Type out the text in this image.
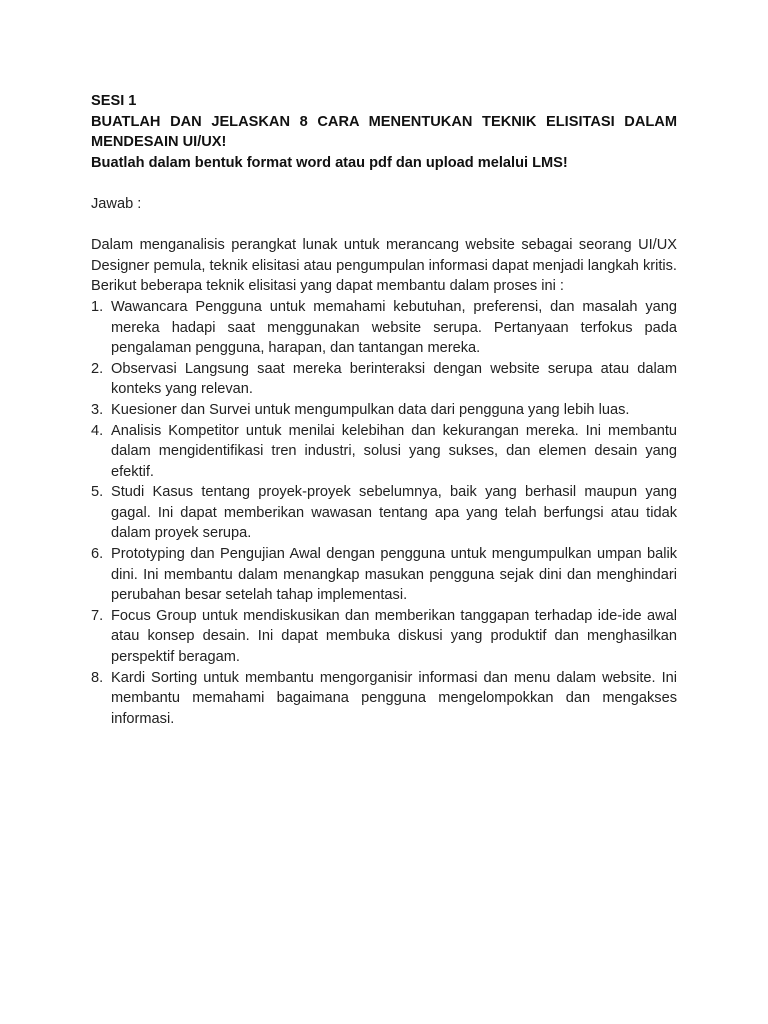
SESI 1
BUATLAH DAN JELASKAN 8 CARA MENENTUKAN TEKNIK ELISITASI DALAM MENDESAIN UI/UX!
Buatlah dalam bentuk format word atau pdf dan upload melalui LMS!
Jawab :
Dalam menganalisis perangkat lunak untuk merancang website sebagai seorang UI/UX Designer pemula, teknik elisitasi atau pengumpulan informasi dapat menjadi langkah kritis. Berikut beberapa teknik elisitasi yang dapat membantu dalam proses ini :
1. Wawancara Pengguna untuk memahami kebutuhan, preferensi, dan masalah yang mereka hadapi saat menggunakan website serupa. Pertanyaan terfokus pada pengalaman pengguna, harapan, dan tantangan mereka.
2. Observasi Langsung saat mereka berinteraksi dengan website serupa atau dalam konteks yang relevan.
3. Kuesioner dan Survei untuk mengumpulkan data dari pengguna yang lebih luas.
4. Analisis Kompetitor untuk menilai kelebihan dan kekurangan mereka. Ini membantu dalam mengidentifikasi tren industri, solusi yang sukses, dan elemen desain yang efektif.
5. Studi Kasus tentang proyek-proyek sebelumnya, baik yang berhasil maupun yang gagal. Ini dapat memberikan wawasan tentang apa yang telah berfungsi atau tidak dalam proyek serupa.
6. Prototyping dan Pengujian Awal dengan pengguna untuk mengumpulkan umpan balik dini. Ini membantu dalam menangkap masukan pengguna sejak dini dan menghindari perubahan besar setelah tahap implementasi.
7. Focus Group untuk mendiskusikan dan memberikan tanggapan terhadap ide-ide awal atau konsep desain. Ini dapat membuka diskusi yang produktif dan menghasilkan perspektif beragam.
8. Kardi Sorting untuk membantu mengorganisir informasi dan menu dalam website. Ini membantu memahami bagaimana pengguna mengelompokkan dan mengakses informasi.
